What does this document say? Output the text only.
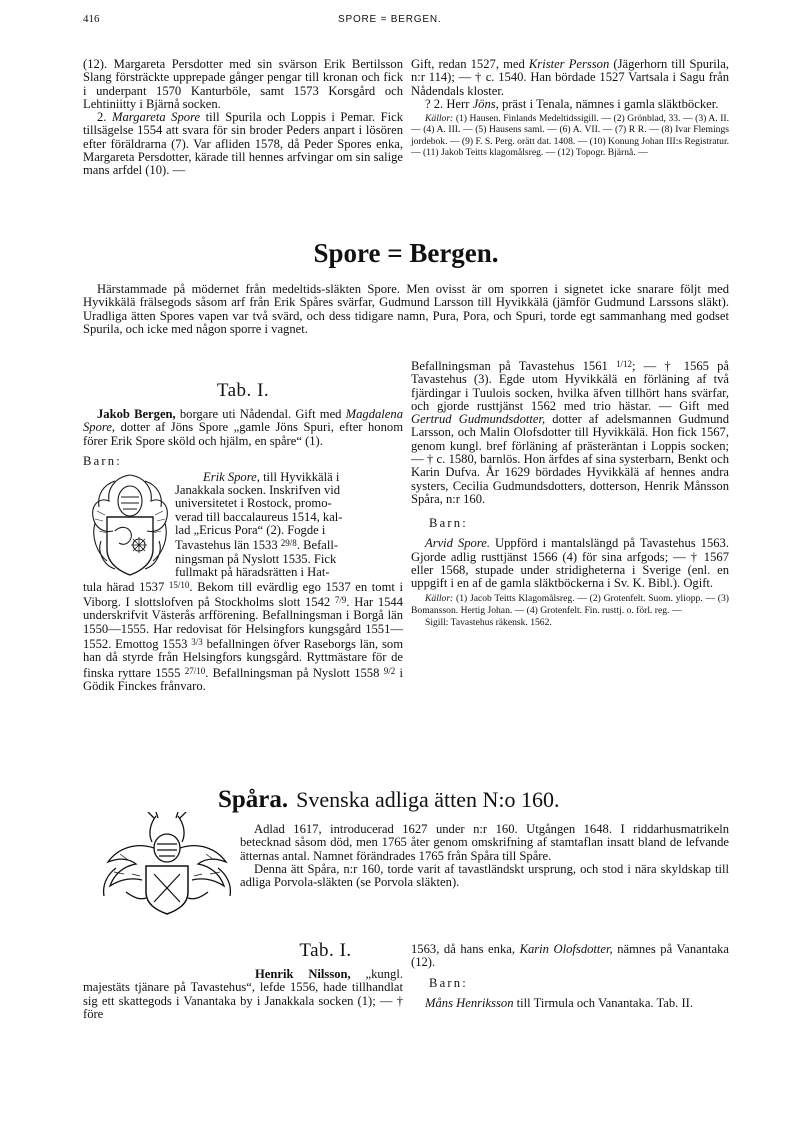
416	SPORE = BERGEN.

(12). Margareta Persdotter med sin svärson Erik Bertilsson Slang försträckte upprepade gånger pengar till kronan och fick i underpant 1570 Kanturböle, samt 1573 Korsgård och Lehtiniitty i Bjärnå socken.

2. Margareta Spore till Spurila och Loppis i Pemar. Fick tillsägelse 1554 att svara för sin broder Peders anpart i lösören efter föräldrarna (7). Var afliden 1578, då Peder Spores enka, Margareta Persdotter, kärade till hennes arfvingar om sin salige mans arfdel (10). —

Gift, redan 1527, med Krister Persson (Jägerhorn till Spurila, n:r 114); — † c. 1540. Han bördade 1527 Vartsala i Sagu från Nådendals kloster.

? 2. Herr Jöns, präst i Tenala, nämnes i gamla släktböcker.

Källor: (1) Hausen. Finlands Medeltidssigill. — (2) Grönblad, 33. — (3) A. II. — (4) A. III. — (5) Hausens saml. — (6) A. VII. — (7) R R. — (8) Ivar Flemings jordebok. — (9) F. S. Perg. orätt dat. 1408. — (10) Konung Johan III:s Registratur. — (11) Jakob Teitts klagomålsreg. — (12) Topogr. Bjärnå. —

Spore = Bergen.

Härstammade på mödernet från medeltids-släkten Spore. Men ovisst är om sporren i signetet icke snarare följt med Hyvikkälä frälsegods såsom arf från Erik Spåres svärfar, Gudmund Larsson till Hyvikkälä (jämför Gudmund Larssons släkt). Uradliga ätten Spores vapen var två svärd, och dess tidigare namn, Pura, Pora, och Spuri, torde egt sammanhang med godset Spurila, och icke med någon sporre i vagnet.

Tab. I.

Jakob Bergen, borgare uti Nådendal. Gift med Magdalena Spore, dotter af Jöns Spore „gamle Jöns Spuri, efter honom förer Erik Spore sköld och hjälm, en spåre“ (1).

Barn:
Erik Spore, till Hyvikkälä i
Janakkala socken. Inskrifven vid
universitetet i Rostock, promo-
verad till baccalaureus 1514, kal-
lad „Ericus Pora“ (2). Fogde i
Tavastehus län 1533 $^{29/8}$. Befall-
ningsman på Nyslott 1535. Fick
fullmakt på häradsrätten i Hat-

tula härad 1537 $^{15/10}$. Bekom till evärdlig ego 1537 en tomt i Viborg. I slottslofven på Stockholms slott 1542 $^{7/9}$. Har 1544 underskrifvit Västerås arfförening. Befallningsman i Borgå län 1550—1555. Har redovisat för Helsingfors kungsgård 1551—1552. Emottog 1553 $^{3/3}$ befallningen öfver Raseborgs län, som han då styrde från Helsingfors kungsgård. Ryttmästare för de finska ryttare 1555 $^{27/10}$. Befallningsman på Nyslott 1558 $^{9/2}$ i Gödik Finckes frånvaro.

Befallningsman på Tavastehus 1561 $^{1/12}$; — † 1565 på Tavastehus (3). Egde utom Hyvikkälä en förläning af två fjärdingar i Tuulois socken, hvilka äfven tillhört hans svärfar, och gjorde rusttjänst 1562 med trio hästar. — Gift med Gertrud Gudmundsdotter, dotter af adelsmannen Gudmund Larsson, och Malin Olofsdotter till Hyvikkälä. Hon fick 1567, genom kungl. bref förläning af prästeräntan i Loppis socken; — † c. 1580, barnlös. Hon ärfdes af sina systerbarn, Benkt och Karin Dufva. År 1629 bördades Hyvikkälä af hennes andra systers, Cecilia Gudmundsdotters, dotterson, Henrik Månsson Spåra, n:r 160.

Barn:

Arvid Spore. Uppförd i mantalslängd på Tavastehus 1563. Gjorde adlig rusttjänst 1566 (4) för sina arfgods; — † 1567 eller 1568, stupade under stridigheterna i Sverige (enl. en uppgift i en af de gamla släktböckerna i Sv. K. Bibl.). Ogift.

Källor: (1) Jacob Teitts Klagomålsreg. — (2) Grotenfelt. Suom. yliopp. — (3) Bomansson. Hertig Johan. — (4) Grotenfelt. Fin. rusttj. o. förl. reg. —

Sigill: Tavastehus räkensk. 1562.

Spåra. Svenska adliga ätten N:o 160.

Adlad 1617, introducerad 1627 under n:r 160. Utgången 1648. I riddarhusmatrikeln betecknad såsom död, men 1765 åter genom omskrifning af stamtaflan insatt bland de lefvande ätternas antal. Namnet förändrades 1765 från Spåra till Spåre.

Denna ätt Spåra, n:r 160, torde varit af tavastländskt ursprung, och stod i nära skyldskap till adliga Porvola-släkten (se Porvola släkten).

Tab. I.

Henrik Nilsson, „kungl. majestäts tjänare på Tavastehus“, lefde 1556, hade tillhandlat sig ett skattegods i Vanantaka by i Janakkala socken (1); — † före

1563, då hans enka, Karin Olofsdotter, nämnes på Vanantaka (12).

Barn:

Måns Henriksson till Tirmula och Vanantaka. Tab. II.
